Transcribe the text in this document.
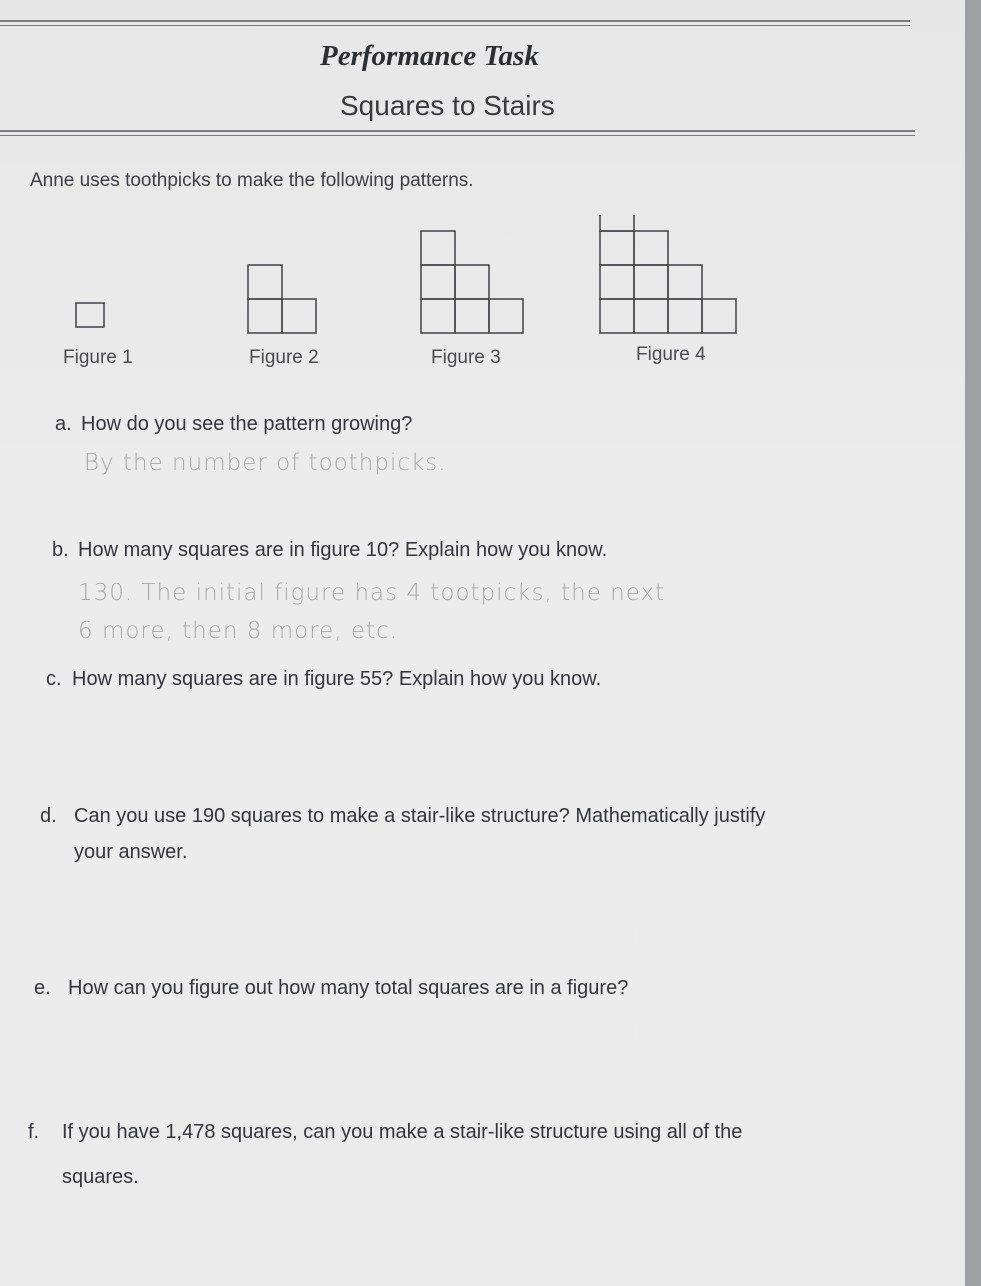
Performance Task
Squares to Stairs
Anne uses toothpicks to make the following patterns.
Figure 1	Figure 2	Figure 3	Figure 4
a. How do you see the pattern growing?
By the number of toothpicks.
b. How many squares are in figure 10? Explain how you know.
130. The initial figure has 4 tootpicks, the next
6 more, then 8 more, etc.
c. How many squares are in figure 55? Explain how you know.
d. Can you use 190 squares to make a stair-like structure? Mathematically justify
your answer.
e. How can you figure out how many total squares are in a figure?
f. If you have 1,478 squares, can you make a stair-like structure using all of the
squares.
